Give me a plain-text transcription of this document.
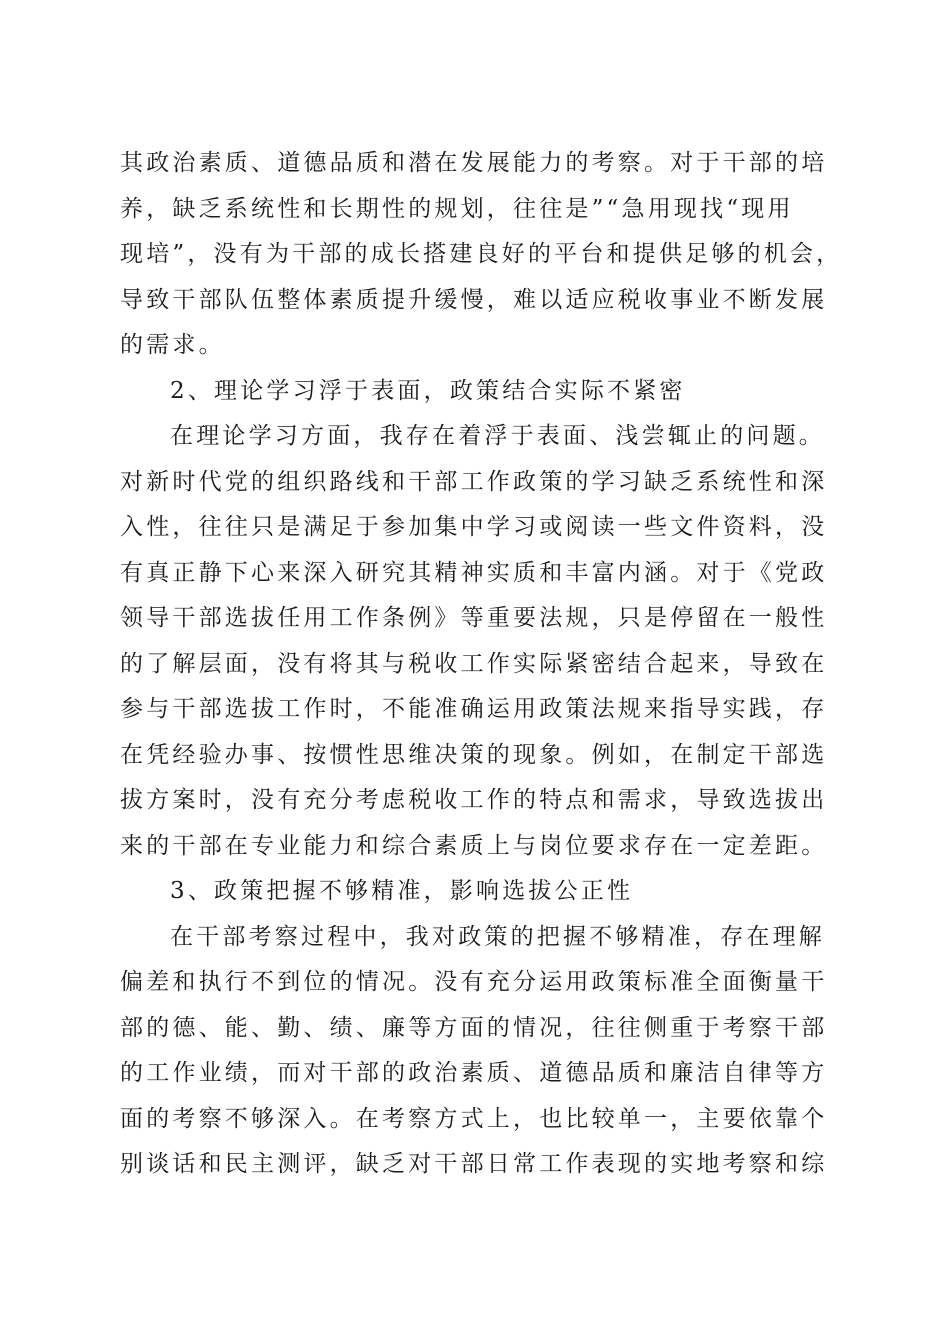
其政治素质、道德品质和潜在发展能力的考察。对于干部的培
养，缺乏系统性和长期性的规划，往往是”“急用现找“现用
现培”，没有为干部的成长搭建良好的平台和提供足够的机会，
导致干部队伍整体素质提升缓慢，难以适应税收事业不断发展
的需求。
2、理论学习浮于表面，政策结合实际不紧密
在理论学习方面，我存在着浮于表面、浅尝辄止的问题。
对新时代党的组织路线和干部工作政策的学习缺乏系统性和深
入性，往往只是满足于参加集中学习或阅读一些文件资料，没
有真正静下心来深入研究其精神实质和丰富内涵。对于《党政
领导干部选拔任用工作条例》等重要法规，只是停留在一般性
的了解层面，没有将其与税收工作实际紧密结合起来，导致在
参与干部选拔工作时，不能准确运用政策法规来指导实践，存
在凭经验办事、按惯性思维决策的现象。例如，在制定干部选
拔方案时，没有充分考虑税收工作的特点和需求，导致选拔出
来的干部在专业能力和综合素质上与岗位要求存在一定差距。
3、政策把握不够精准，影响选拔公正性
在干部考察过程中，我对政策的把握不够精准，存在理解
偏差和执行不到位的情况。没有充分运用政策标准全面衡量干
部的德、能、勤、绩、廉等方面的情况，往往侧重于考察干部
的工作业绩，而对干部的政治素质、道德品质和廉洁自律等方
面的考察不够深入。在考察方式上，也比较单一，主要依靠个
别谈话和民主测评，缺乏对干部日常工作表现的实地考察和综
